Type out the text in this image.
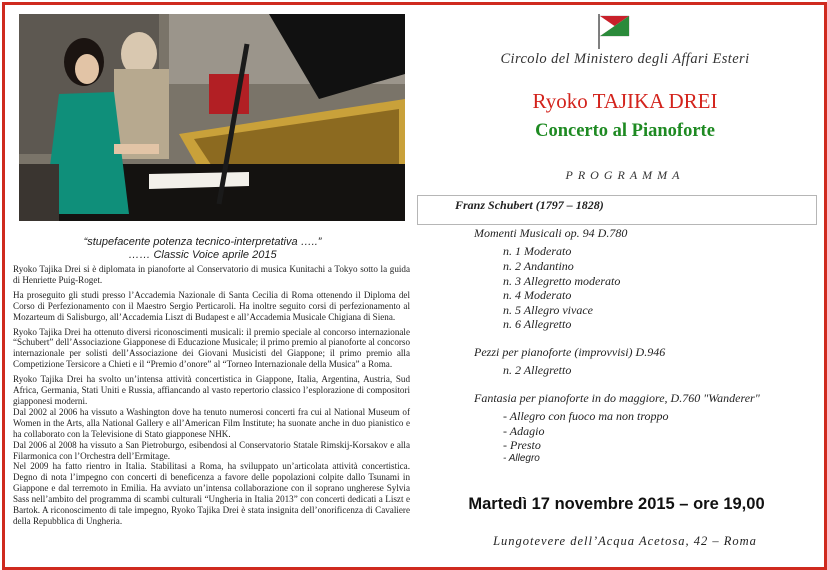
“stupefacente potenza tecnico-interpretativa …..”
…… Classic Voice aprile 2015

Ryoko Tajika Drei si è diplomata in pianoforte al Conservatorio di musica Kunitachi a Tokyo sotto la guida di Henriette Puig-Roget.

Ha proseguito gli studi presso l’Accademia Nazionale di Santa Cecilia di Roma ottenendo il Diploma del Corso di Perfezionamento con il Maestro Sergio Perticaroli. Ha inoltre seguito corsi di perfezionamento al Mozarteum di Salisburgo, all’Accademia Liszt di Budapest e all’Accademia Musicale Chigiana di Siena.

Ryoko Tajika Drei ha ottenuto diversi riconoscimenti musicali: il premio speciale al concorso internazionale “Schubert” dell’Associazione Giapponese di Educazione Musicale; il primo premio al pianoforte al concorso internazionale per solisti dell’Associazione dei Giovani Musicisti del Giappone; il primo premio alla Competizione Tersicore a Chieti e il “Premio d’onore” al “Torneo Internazionale della Musica” a Roma.

Ryoko Tajika Drei ha svolto un’intensa attività concertistica in Giappone, Italia, Argentina, Austria, Sud Africa, Germania, Stati Uniti e Russia, affiancando al vasto repertorio classico l’esplorazione di compositori giapponesi moderni.

Dal 2002 al 2006 ha vissuto a Washington dove ha tenuto numerosi concerti fra cui al National Museum of Women in the Arts, alla National Gallery e all’American Film Institute; ha suonate anche in duo pianistico e ha collaborato con la Televisione di Stato giapponese NHK.

Dal 2006 al 2008 ha vissuto a San Pietroburgo, esibendosi al Conservatorio Statale Rimskij-Korsakov e alla Filarmonica con l’Orchestra dell’Ermitage.

Nel 2009 ha fatto rientro in Italia. Stabilitasi a Roma, ha sviluppato un’articolata attività concertistica. Degno di nota l’impegno con concerti di beneficenza a favore delle popolazioni colpite dallo Tsunami in Giappone e dal terremoto in Emilia. Ha avviato un’intensa collaborazione con il soprano ungherese Sylvia Sass nell’ambito del programma di scambi culturali “Ungheria in Italia 2013” con concerti dedicati a Liszt e Bartok. A riconoscimento di tale impegno, Ryoko Tajika Drei è stata insignita dell’onorificenza di Cavaliere della Repubblica di Ungheria.

Circolo del Ministero degli Affari Esteri
Ryoko TAJIKA DREI
Concerto al Pianoforte
PROGRAMMA
Franz Schubert (1797 – 1828)
Momenti Musicali op. 94 D.780
n. 1 Moderato
n. 2 Andantino
n. 3 Allegretto moderato
n. 4 Moderato
n. 5 Allegro vivace
n. 6 Allegretto
Pezzi per pianoforte (improvvisi) D.946
n. 2 Allegretto
Fantasia per pianoforte in do maggiore, D.760 "Wanderer"
- Allegro con fuoco ma non troppo
- Adagio
- Presto
- Allegro
Martedì 17 novembre 2015 – ore 19,00
Lungotevere dell’Acqua Acetosa, 42 – Roma
